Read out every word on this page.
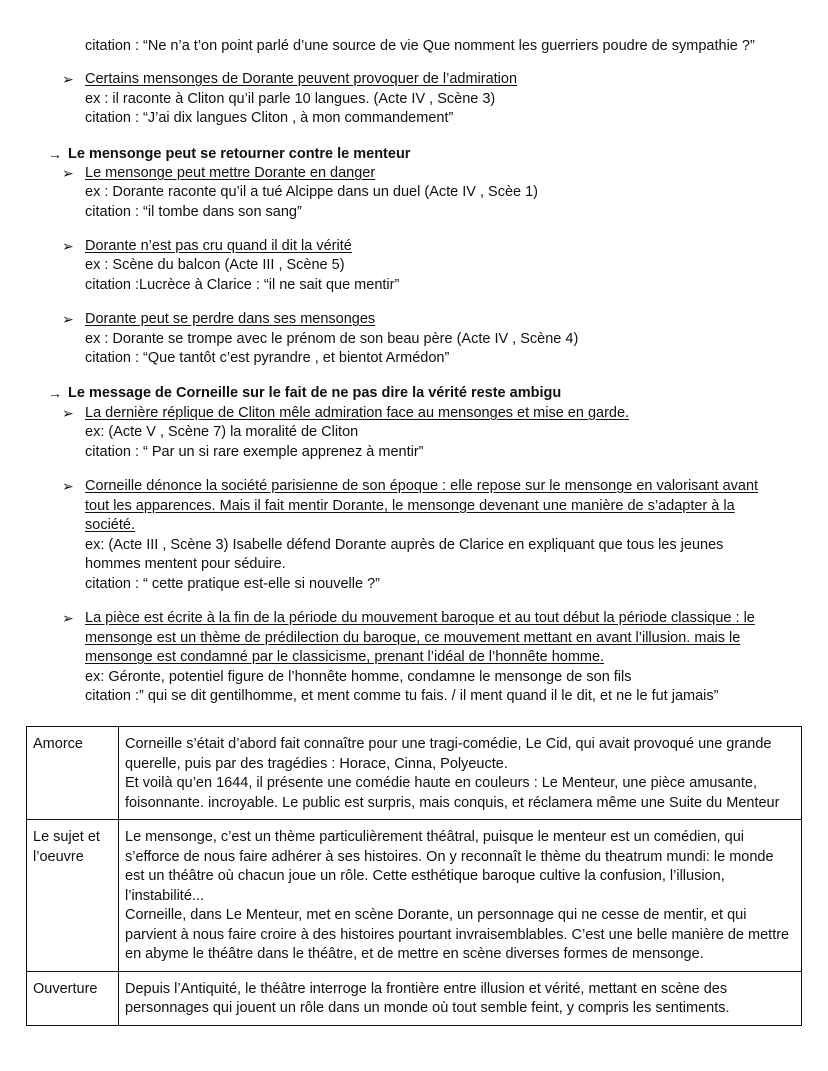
citation : “Ne n’a t’on point parlé d’une source de vie Que nomment les guerriers poudre de sympathie ?”
➢ Certains mensonges de Dorante peuvent provoquer de l’admiration
ex : il raconte à Cliton qu’il parle 10 langues. (Acte IV , Scène 3)
citation : “J’ai dix langues Cliton , à mon commandement”
→ Le mensonge peut se retourner contre le menteur
➢ Le mensonge peut mettre Dorante en danger
ex : Dorante raconte qu’il a tué Alcippe dans un duel (Acte IV , Scèe 1)
citation : “il tombe dans son sang”
➢ Dorante n’est pas cru quand il dit la vérité
ex : Scène du balcon (Acte III , Scène 5)
citation :Lucrèce à Clarice : “il ne sait que mentir”
➢ Dorante peut se perdre dans ses mensonges
ex : Dorante se trompe avec le prénom de son beau père (Acte IV , Scène 4)
citation : “Que tantôt c’est pyrandre , et bientot Armédon”
→ Le message de Corneille sur le fait de ne pas dire la vérité reste ambigu
➢ La dernière réplique de Cliton mêle admiration face au mensonges et mise en garde.
ex: (Acte V , Scène 7) la moralité de Cliton
citation : “ Par un si rare exemple apprenez à mentir”
➢ Corneille dénonce la société parisienne de son époque : elle repose sur le mensonge en valorisant avant
tout les apparences. Mais il fait mentir Dorante, le mensonge devenant une manière de s’adapter à la
société.
ex: (Acte III , Scène 3) Isabelle défend Dorante auprès de Clarice en expliquant que tous les jeunes
hommes mentent pour séduire.
citation : “ cette pratique est-elle si nouvelle ?”
➢ La pièce est écrite à la fin de la période du mouvement baroque et au tout début la période classique : le
mensonge est un thème de prédilection du baroque, ce mouvement mettant en avant l’illusion. mais le
mensonge est condamné par le classicisme, prenant l’idéal de l’honnête homme.
ex: Géronte, potentiel figure de l’honnête homme, condamne le mensonge de son fils
citation :” qui se dit gentilhomme, et ment comme tu fais. / il ment quand il le dit, et ne le fut jamais”
Amorce	Corneille s’était d’abord fait connaître pour une tragi-comédie, Le Cid, qui avait provoqué une grande querelle, puis par des tragédies : Horace, Cinna, Polyeucte.
Et voilà qu’en 1644, il présente une comédie haute en couleurs : Le Menteur, une pièce amusante, foisonnante. incroyable. Le public est surpris, mais conquis, et réclamera même une Suite du Menteur

Le sujet et l’oeuvre	Le mensonge, c’est un thème particulièrement théâtral, puisque le menteur est un comédien, qui s’efforce de nous faire adhérer à ses histoires. On y reconnaît le thème du theatrum mundi: le monde est un théâtre où chacun joue un rôle. Cette esthétique baroque cultive la confusion, l’illusion, l’instabilité...
Corneille, dans Le Menteur, met en scène Dorante, un personnage qui ne cesse de mentir, et qui parvient à nous faire croire à des histoires pourtant invraisemblables. C’est une belle manière de mettre en abyme le théâtre dans le théâtre, et de mettre en scène diverses formes de mensonge.

Ouverture	Depuis l’Antiquité, le théâtre interroge la frontière entre illusion et vérité, mettant en scène des personnages qui jouent un rôle dans un monde où tout semble feint, y compris les sentiments.
